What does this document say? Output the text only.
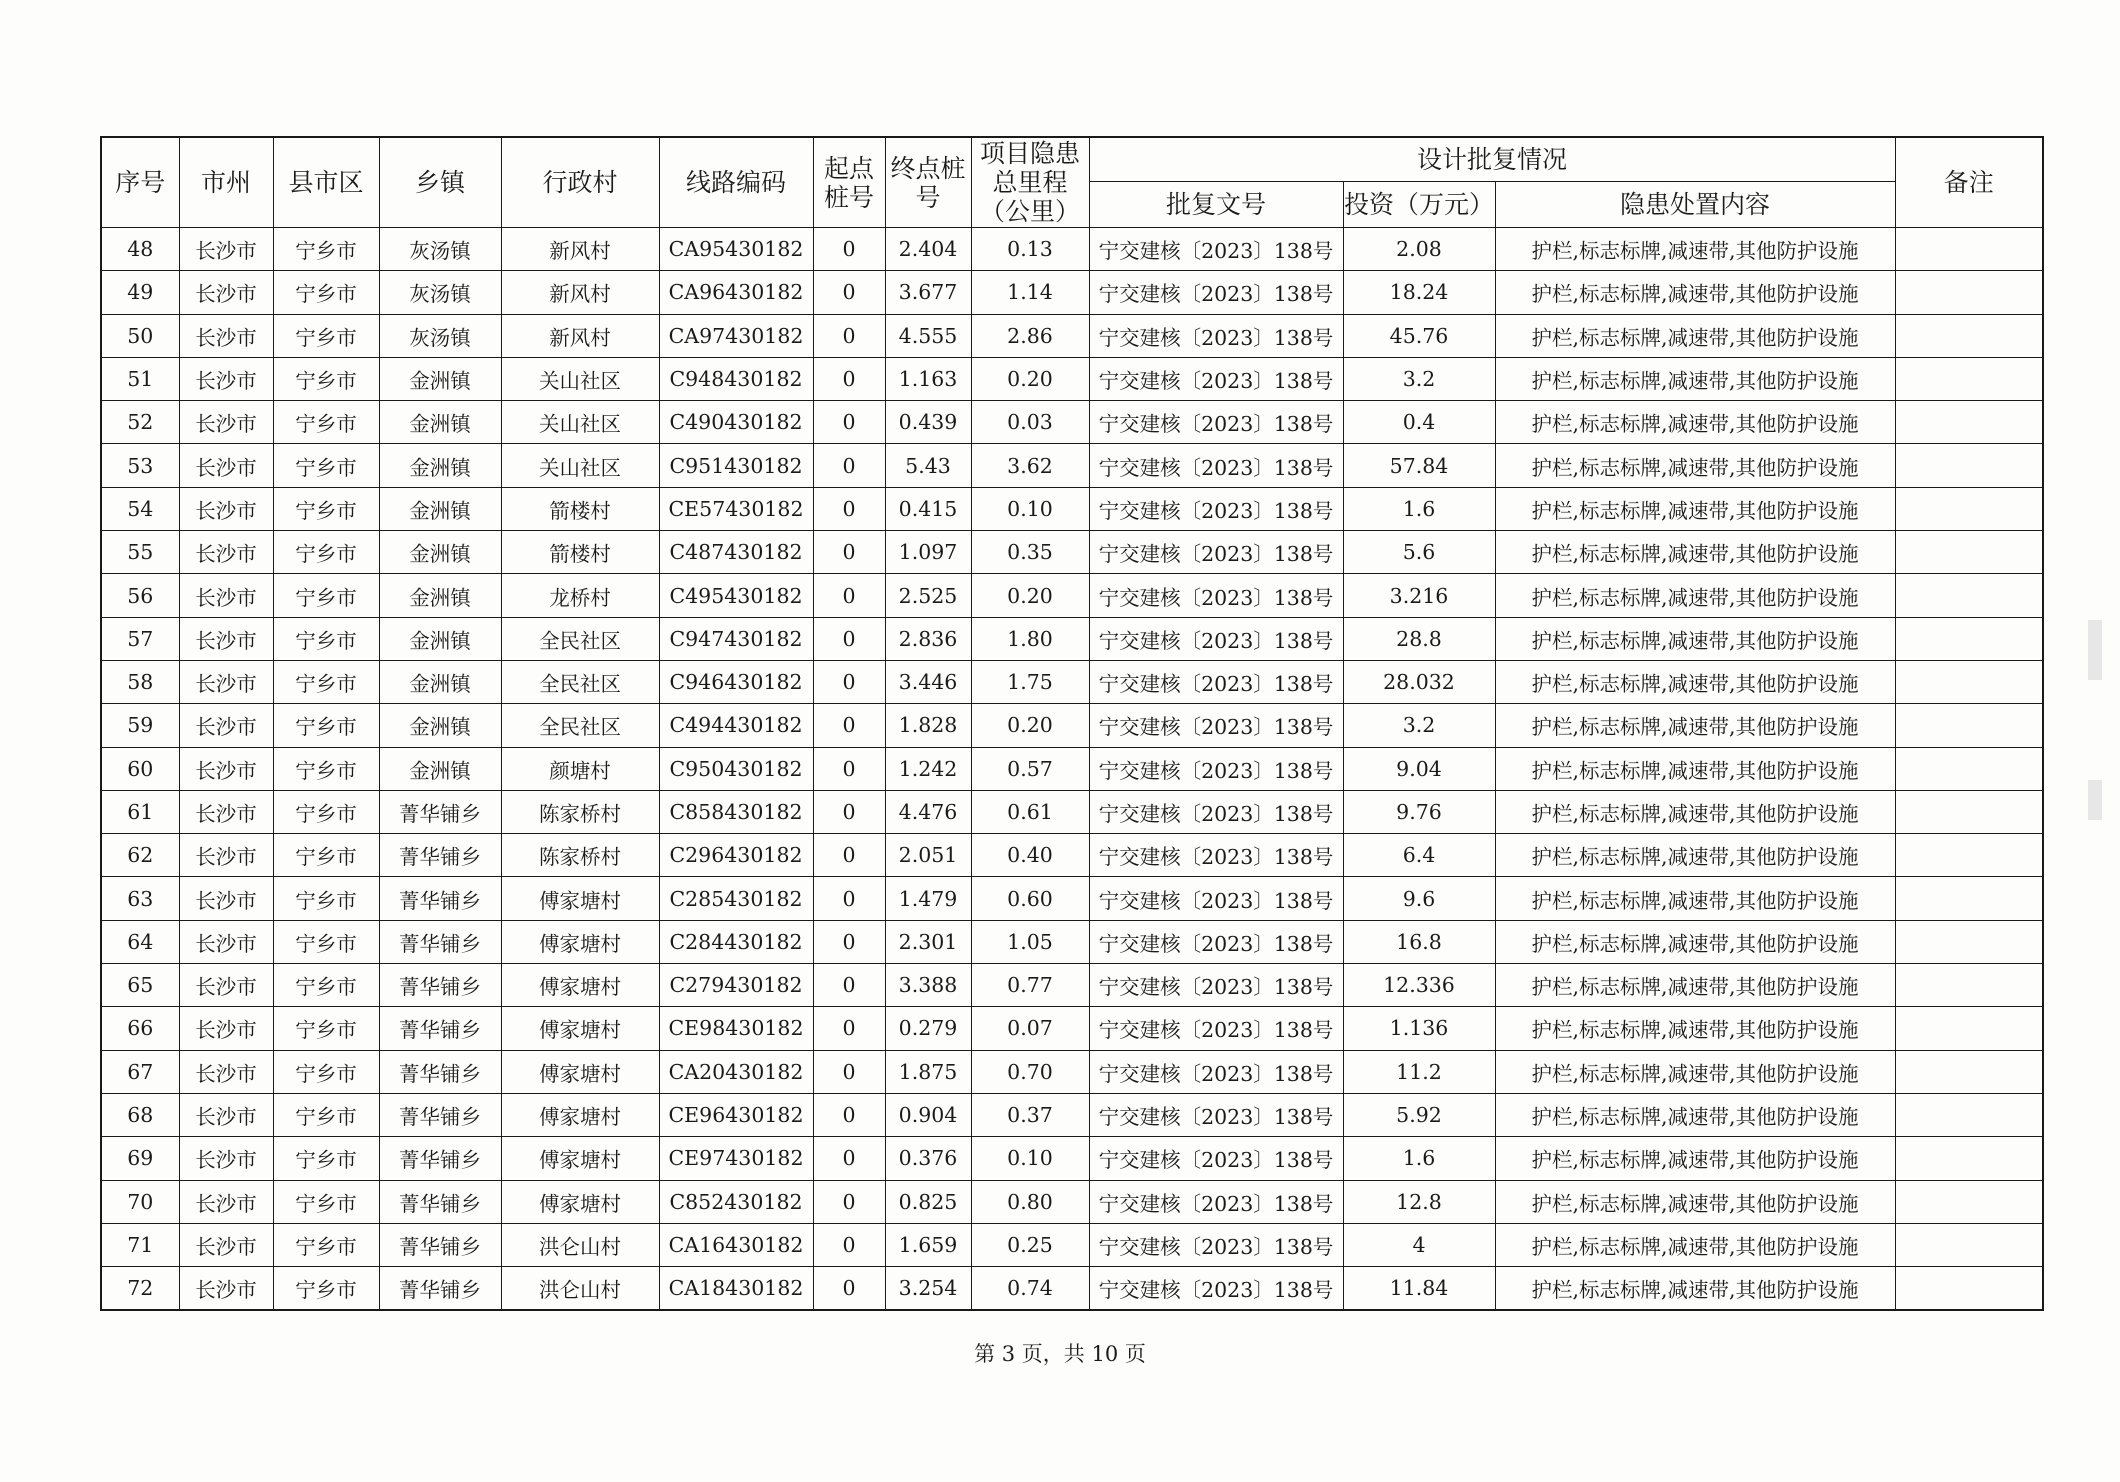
序号	市州	县市区	乡镇	行政村	线路编码	起点桩号	终点桩号	项目隐患总里程（公里）	设计批复情况			备注
									批复文号	投资（万元）	隐患处置内容	
48	长沙市	宁乡市	灰汤镇	新风村	CA95430182	0	2.404	0.13	宁交建核〔2023〕138号	2.08	护栏,标志标牌,减速带,其他防护设施	
49	长沙市	宁乡市	灰汤镇	新风村	CA96430182	0	3.677	1.14	宁交建核〔2023〕138号	18.24	护栏,标志标牌,减速带,其他防护设施	
50	长沙市	宁乡市	灰汤镇	新风村	CA97430182	0	4.555	2.86	宁交建核〔2023〕138号	45.76	护栏,标志标牌,减速带,其他防护设施	
51	长沙市	宁乡市	金洲镇	关山社区	C948430182	0	1.163	0.20	宁交建核〔2023〕138号	3.2	护栏,标志标牌,减速带,其他防护设施	
52	长沙市	宁乡市	金洲镇	关山社区	C490430182	0	0.439	0.03	宁交建核〔2023〕138号	0.4	护栏,标志标牌,减速带,其他防护设施	
53	长沙市	宁乡市	金洲镇	关山社区	C951430182	0	5.43	3.62	宁交建核〔2023〕138号	57.84	护栏,标志标牌,减速带,其他防护设施	
54	长沙市	宁乡市	金洲镇	箭楼村	CE57430182	0	0.415	0.10	宁交建核〔2023〕138号	1.6	护栏,标志标牌,减速带,其他防护设施	
55	长沙市	宁乡市	金洲镇	箭楼村	C487430182	0	1.097	0.35	宁交建核〔2023〕138号	5.6	护栏,标志标牌,减速带,其他防护设施	
56	长沙市	宁乡市	金洲镇	龙桥村	C495430182	0	2.525	0.20	宁交建核〔2023〕138号	3.216	护栏,标志标牌,减速带,其他防护设施	
57	长沙市	宁乡市	金洲镇	全民社区	C947430182	0	2.836	1.80	宁交建核〔2023〕138号	28.8	护栏,标志标牌,减速带,其他防护设施	
58	长沙市	宁乡市	金洲镇	全民社区	C946430182	0	3.446	1.75	宁交建核〔2023〕138号	28.032	护栏,标志标牌,减速带,其他防护设施	
59	长沙市	宁乡市	金洲镇	全民社区	C494430182	0	1.828	0.20	宁交建核〔2023〕138号	3.2	护栏,标志标牌,减速带,其他防护设施	
60	长沙市	宁乡市	金洲镇	颜塘村	C950430182	0	1.242	0.57	宁交建核〔2023〕138号	9.04	护栏,标志标牌,减速带,其他防护设施	
61	长沙市	宁乡市	菁华铺乡	陈家桥村	C858430182	0	4.476	0.61	宁交建核〔2023〕138号	9.76	护栏,标志标牌,减速带,其他防护设施	
62	长沙市	宁乡市	菁华铺乡	陈家桥村	C296430182	0	2.051	0.40	宁交建核〔2023〕138号	6.4	护栏,标志标牌,减速带,其他防护设施	
63	长沙市	宁乡市	菁华铺乡	傅家塘村	C285430182	0	1.479	0.60	宁交建核〔2023〕138号	9.6	护栏,标志标牌,减速带,其他防护设施	
64	长沙市	宁乡市	菁华铺乡	傅家塘村	C284430182	0	2.301	1.05	宁交建核〔2023〕138号	16.8	护栏,标志标牌,减速带,其他防护设施	
65	长沙市	宁乡市	菁华铺乡	傅家塘村	C279430182	0	3.388	0.77	宁交建核〔2023〕138号	12.336	护栏,标志标牌,减速带,其他防护设施	
66	长沙市	宁乡市	菁华铺乡	傅家塘村	CE98430182	0	0.279	0.07	宁交建核〔2023〕138号	1.136	护栏,标志标牌,减速带,其他防护设施	
67	长沙市	宁乡市	菁华铺乡	傅家塘村	CA20430182	0	1.875	0.70	宁交建核〔2023〕138号	11.2	护栏,标志标牌,减速带,其他防护设施	
68	长沙市	宁乡市	菁华铺乡	傅家塘村	CE96430182	0	0.904	0.37	宁交建核〔2023〕138号	5.92	护栏,标志标牌,减速带,其他防护设施	
69	长沙市	宁乡市	菁华铺乡	傅家塘村	CE97430182	0	0.376	0.10	宁交建核〔2023〕138号	1.6	护栏,标志标牌,减速带,其他防护设施	
70	长沙市	宁乡市	菁华铺乡	傅家塘村	C852430182	0	0.825	0.80	宁交建核〔2023〕138号	12.8	护栏,标志标牌,减速带,其他防护设施	
71	长沙市	宁乡市	菁华铺乡	洪仑山村	CA16430182	0	1.659	0.25	宁交建核〔2023〕138号	4	护栏,标志标牌,减速带,其他防护设施	
72	长沙市	宁乡市	菁华铺乡	洪仑山村	CA18430182	0	3.254	0.74	宁交建核〔2023〕138号	11.84	护栏,标志标牌,减速带,其他防护设施	
第 3 页，共 10 页
